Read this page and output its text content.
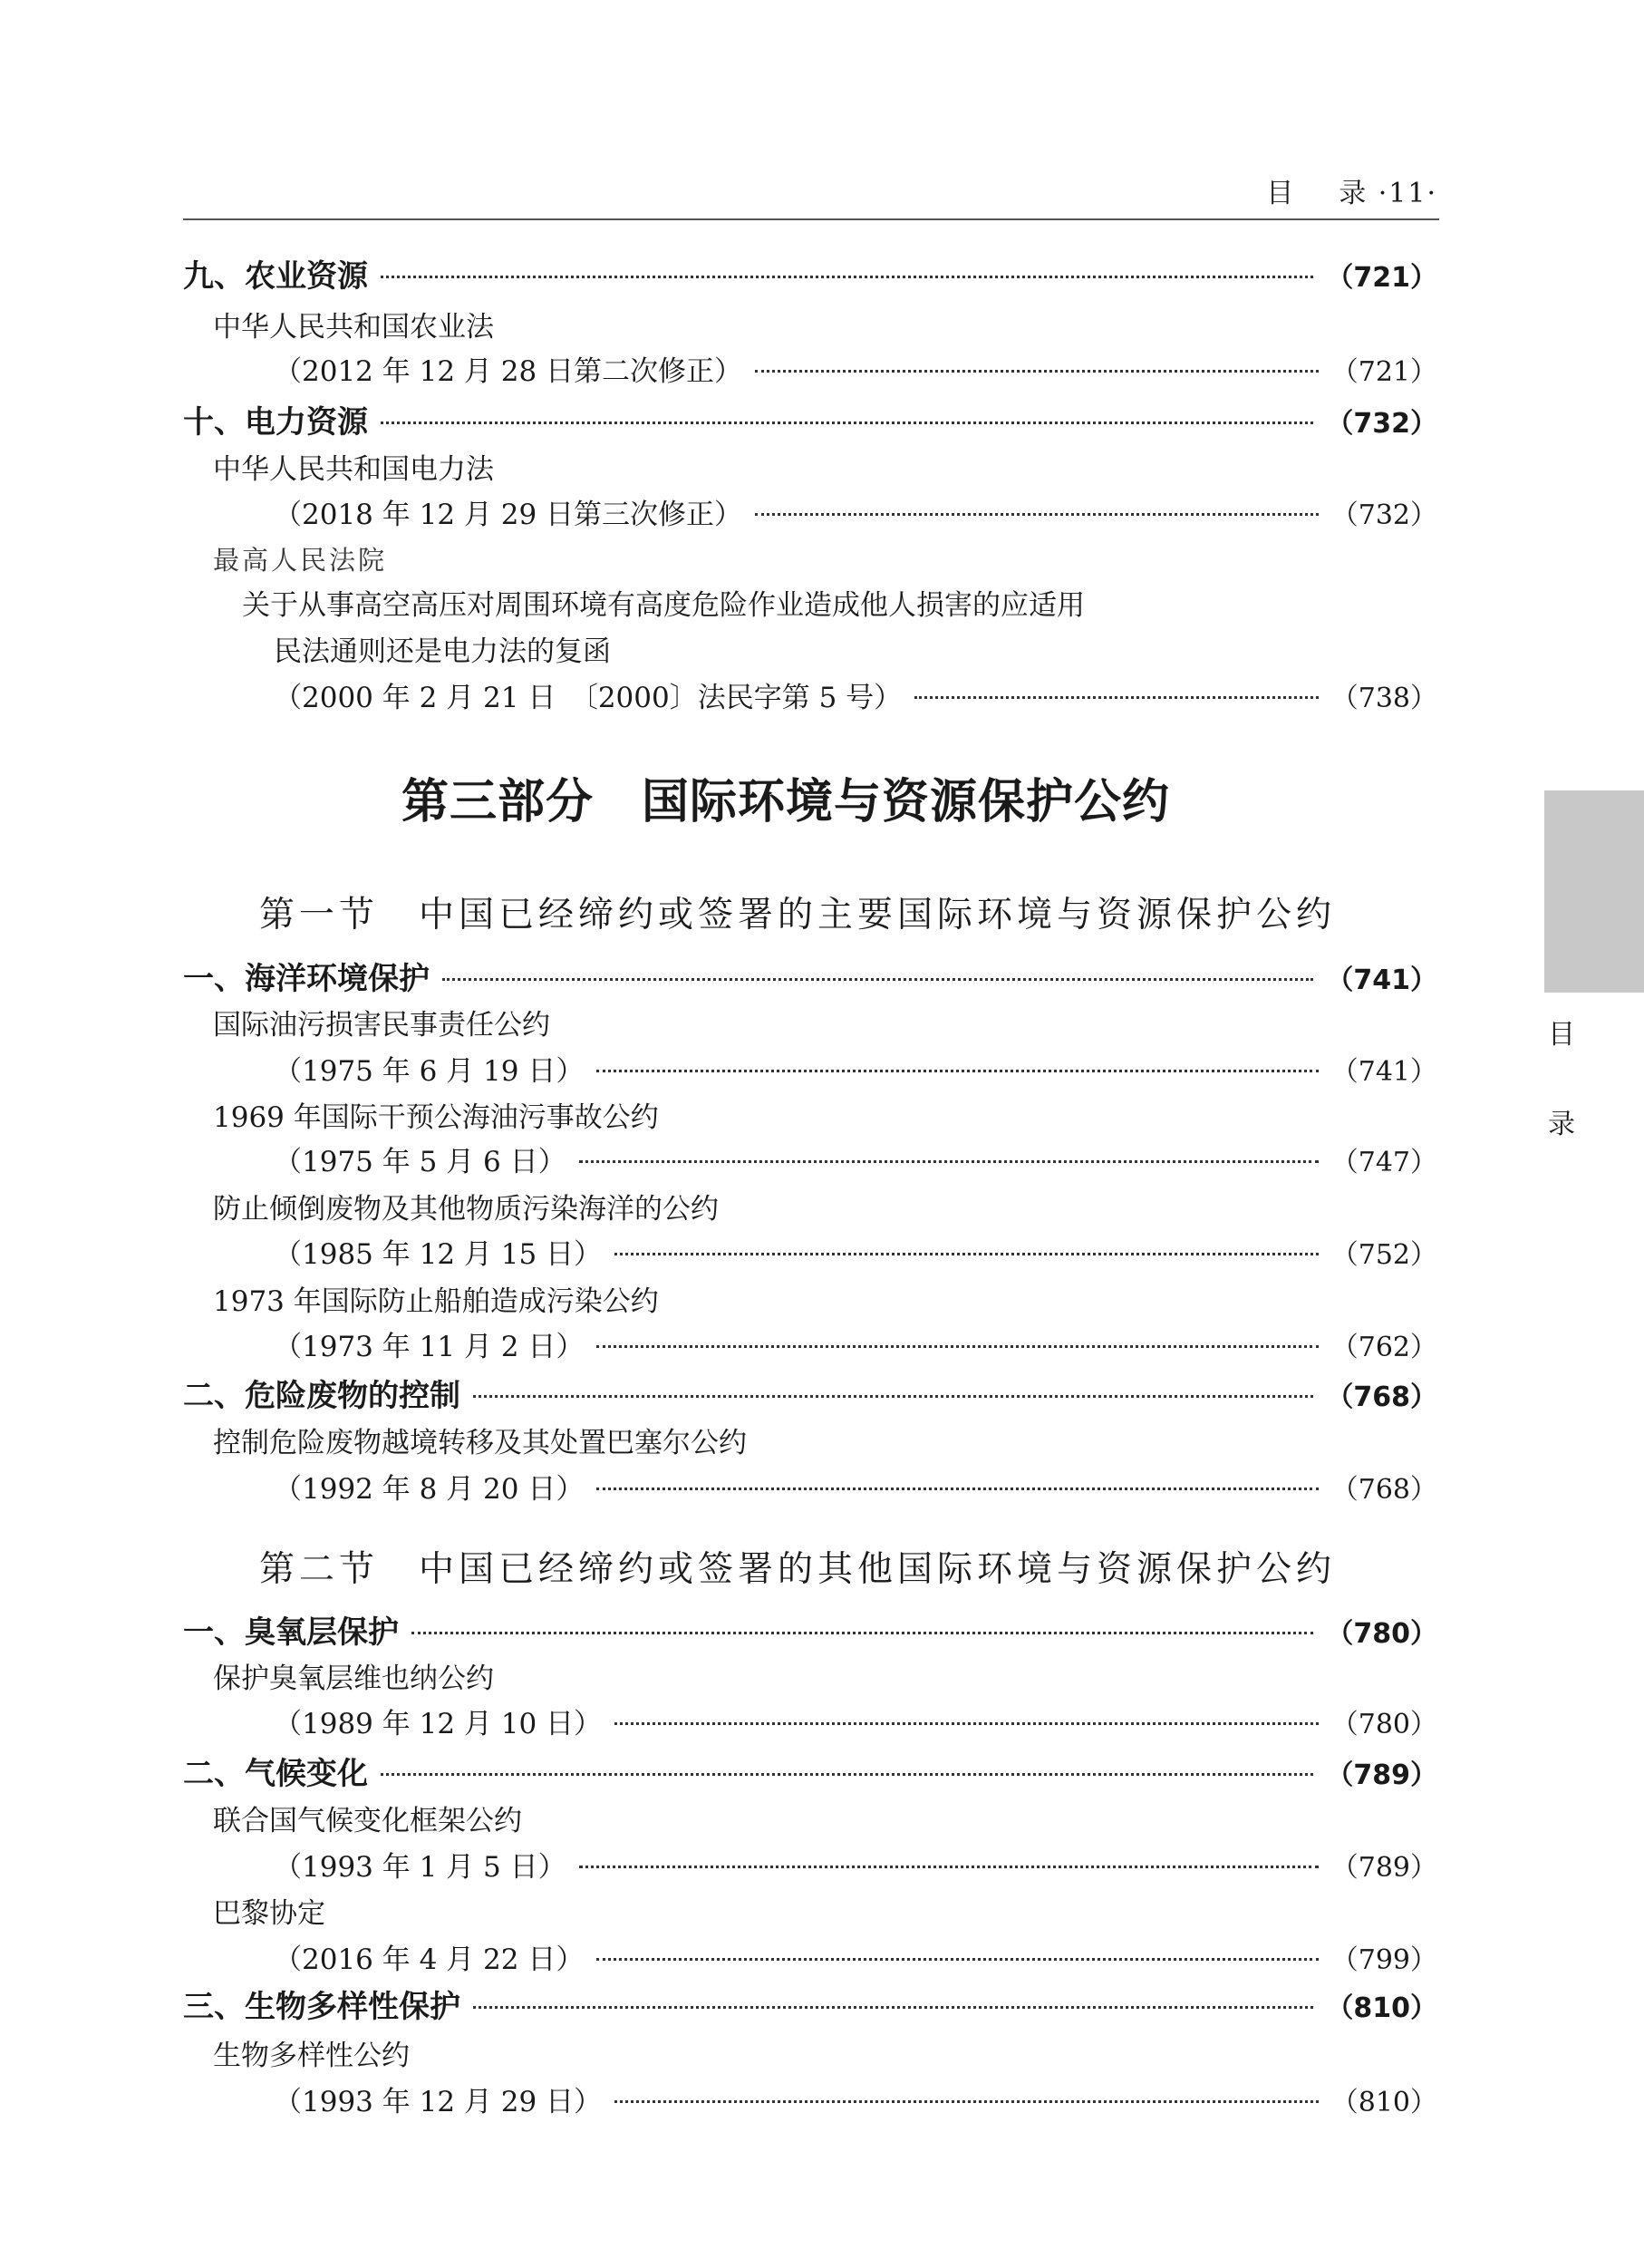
目 录 ·11·
目
录
第三部分　国际环境与资源保护公约
第一节　中国已经缔约或签署的主要国际环境与资源保护公约
第二节　中国已经缔约或签署的其他国际环境与资源保护公约
九、农业资源	（721）
中华人民共和国农业法
（2012 年 12 月 28 日第二次修正）	（721）
十、电力资源	（732）
中华人民共和国电力法
（2018 年 12 月 29 日第三次修正）	（732）
最高人民法院
关于从事高空高压对周围环境有高度危险作业造成他人损害的应适用
民法通则还是电力法的复函
（2000 年 2 月 21 日　〔2000〕法民字第 5 号）	（738）
一、海洋环境保护	（741）
国际油污损害民事责任公约
（1975 年 6 月 19 日）	（741）
1969 年国际干预公海油污事故公约
（1975 年 5 月 6 日）	（747）
防止倾倒废物及其他物质污染海洋的公约
（1985 年 12 月 15 日）	（752）
1973 年国际防止船舶造成污染公约
（1973 年 11 月 2 日）	（762）
二、危险废物的控制	（768）
控制危险废物越境转移及其处置巴塞尔公约
（1992 年 8 月 20 日）	（768）
一、臭氧层保护	（780）
保护臭氧层维也纳公约
（1989 年 12 月 10 日）	（780）
二、气候变化	（789）
联合国气候变化框架公约
（1993 年 1 月 5 日）	（789）
巴黎协定
（2016 年 4 月 22 日）	（799）
三、生物多样性保护	（810）
生物多样性公约
（1993 年 12 月 29 日）	（810）
